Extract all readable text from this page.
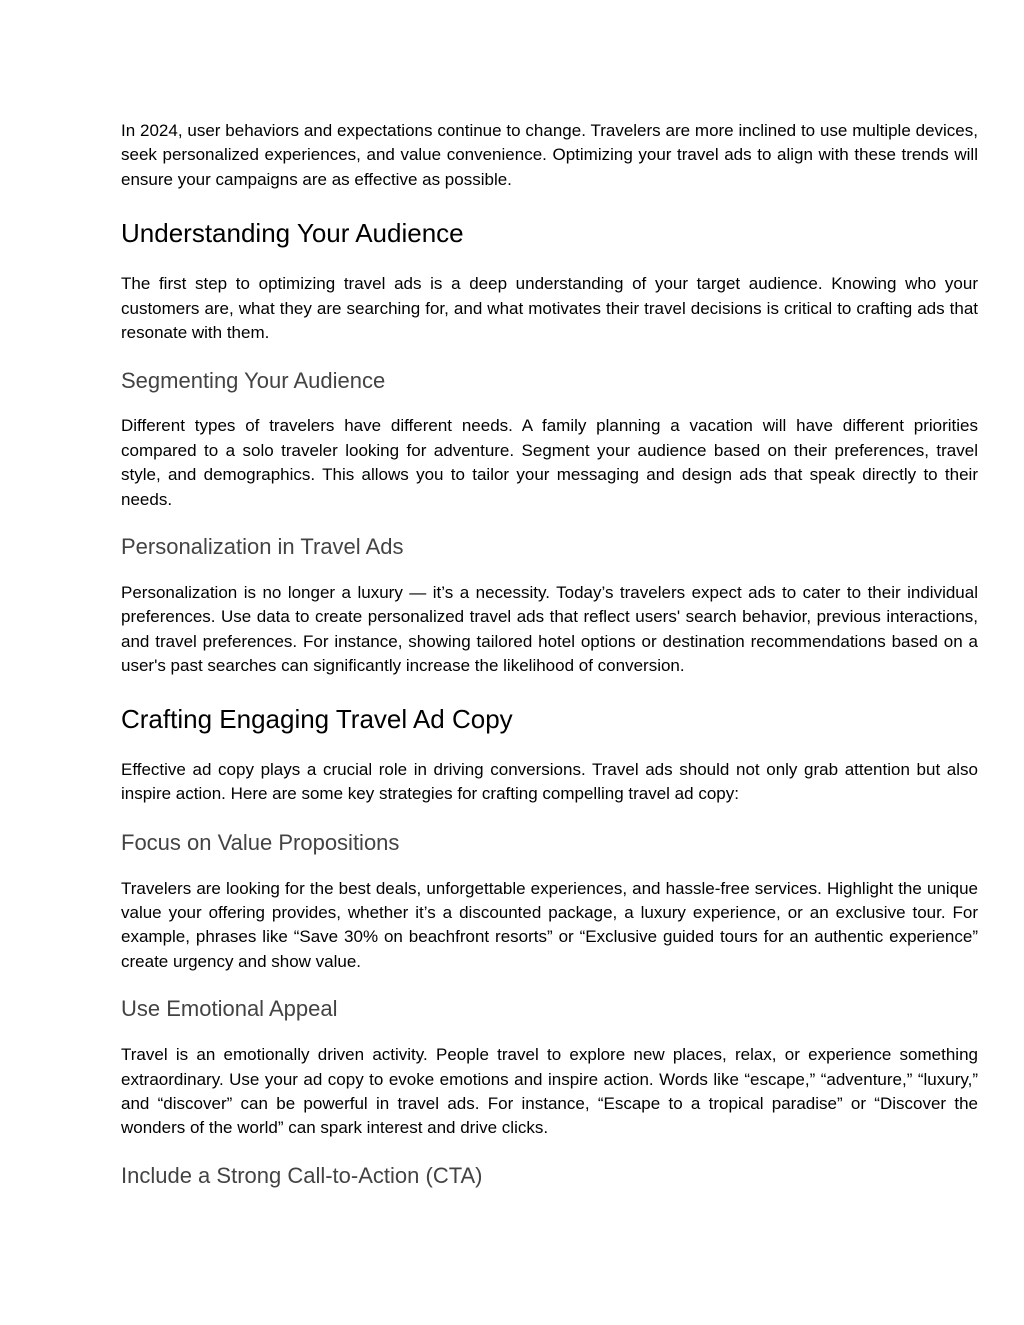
In 2024, user behaviors and expectations continue to change. Travelers are more inclined to use multiple devices, seek personalized experiences, and value convenience. Optimizing your travel ads to align with these trends will ensure your campaigns are as effective as possible.

Understanding Your Audience

The first step to optimizing travel ads is a deep understanding of your target audience. Knowing who your customers are, what they are searching for, and what motivates their travel decisions is critical to crafting ads that resonate with them.

Segmenting Your Audience

Different types of travelers have different needs. A family planning a vacation will have different priorities compared to a solo traveler looking for adventure. Segment your audience based on their preferences, travel style, and demographics. This allows you to tailor your messaging and design ads that speak directly to their needs.

Personalization in Travel Ads

Personalization is no longer a luxury — it’s a necessity. Today’s travelers expect ads to cater to their individual preferences. Use data to create personalized travel ads that reflect users' search behavior, previous interactions, and travel preferences. For instance, showing tailored hotel options or destination recommendations based on a user's past searches can significantly increase the likelihood of conversion.

Crafting Engaging Travel Ad Copy

Effective ad copy plays a crucial role in driving conversions. Travel ads should not only grab attention but also inspire action. Here are some key strategies for crafting compelling travel ad copy:

Focus on Value Propositions

Travelers are looking for the best deals, unforgettable experiences, and hassle-free services. Highlight the unique value your offering provides, whether it’s a discounted package, a luxury experience, or an exclusive tour. For example, phrases like “Save 30% on beachfront resorts” or “Exclusive guided tours for an authentic experience” create urgency and show value.

Use Emotional Appeal

Travel is an emotionally driven activity. People travel to explore new places, relax, or experience something extraordinary. Use your ad copy to evoke emotions and inspire action. Words like “escape,” “adventure,” “luxury,” and “discover” can be powerful in travel ads. For instance, “Escape to a tropical paradise” or “Discover the wonders of the world” can spark interest and drive clicks.

Include a Strong Call-to-Action (CTA)
